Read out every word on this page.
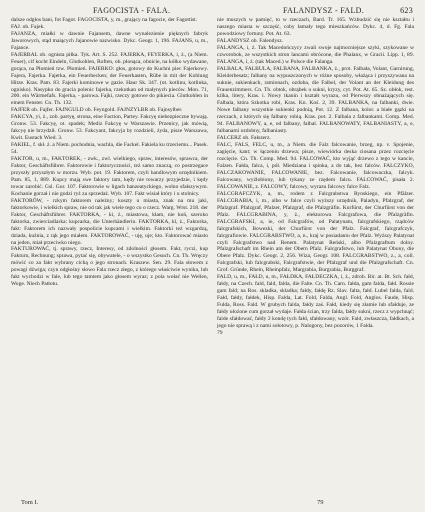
FAGOCISTA - FALA.	FALANDYSZ - FALD.	623

dalsze odgłos bani, fot Fagot. FAGOCISTA, y, m., grający na fagocie, der Fagottist.

FAJ. ob. Fajek.

FAJANZA, miałki w dawnie Fajansem, dawne wynalezienie pięknych fabryk Jaworowych, stąd maiących Jajanowie nazwisko. Dykc. Geogr. 1, 196. FAJANS, u, m., Fajance.

FAJERBAL ob. ognista piłka. Tyk. Art. S. 252. FAJERKA, FEYERKA, i, ż., (a Niem. Feuer), cif kocht Eindeln, Glutkohlen, Roften, ob. płonąca, obnicie, na kółko wydawane, gorąca, na Płomień tzw. Płomień. FAJERKO: głos, gotowy do Kuchni piec Fajerkowy. Fajera, Fajerka. Fajerka, ein Feuerbecken; der Feuerkasten, Rübe in mit der Kohlung Hitze. Kras. Pam. 83. Fajerki kominowe w gazie. Haur Sk. 347. (ot. kotlinu, kotlinka, ognisko). Nasypko do gracia polenic fajerka, rzekutkan od małynych pieców. Mon. 71, 200. ein Wärmefafs. Fajerka, - parowa. Fajki, rzeczy gotowe do pikiecia. Glutkohlen in einem Fenster. Cn. Th. 132.

FAJFER ob. Fajfer. FAJNGULD ob. Feyngold. FAJNZYLBR ob. Fajnsylber.

FAKCYA, yi, ż., zob. partyę, strona, eine Faction, Partey. Fakcyę niebezpieczne bywają. Gronw. 53. Fakcyę, ot. spadek; Mediz Fakcyę w Warszawie. Przenicy, jak mówią, fakcyę nie brzydził. Gronw. 53. Fakcyant, fakcyja by rozdzieli, żyda, pisze Warszawa, Kwit. Eustach Wied. 3.

FAKIEL, f. skł. ż. a Niem. pochodnia, wachla, die Fackel. Fakiela ku trzeciemu... Pasek. 54.

FAKTOR, u, m., FAKTOREK, - zwk., zwl. wielkiego, spraw, interesów, sprawca, der Faktor, Geschäftsführer. Faktorowie i faktoryczności, też samo znaczą, co postrzegace przyszły przyszłym w morzu. Wyb. pot. 19. Faktorem, czyli handlowym urzędnikiem. Pam. 85, 1, 889. Kupcy mają swe faktory tam, kędy nie towarzy przyjedzie, i kędy towar zarobić. Gsl. Gor. 107. Faktorowie w ligach hanzeatyckiego, wolno sfałszywym. Kochanie gorzał i nie godzi ryż za sprzedaż. Wyb. 107. Fakt wisiał który i u stolnicy.

FAKTORÓW, - rzkym faktorem należny; koszty u miasta, znak na mu jaki, faktorkowie, i wielkich spraw, nie od tak jak wiele tego co o rzecz. Warg. Wrst. 218. der Faktor, Geschäftsführer. FAKTORKA, - ki, ż., miastowa, kłam, nie koń, szeroko faktorka, zwierciadlarka: kupcarka, die Unterhändlerin. FAKTORKA, kl, ż., Faktorka, fakt: Faktorem ich nazwały pospolicie kupcami i wielkim. Faktorki też wzgardzą, dziada, kuźnia, z rąk jego miałem. FAKTOROWAĆ, - uję, uje; kto. Faktorować miasto na jeden, miał przeciwko niego.

FAKTUROWAĆ, tj. sprawy, rzecz, Interesy, od zdolności głosem. Fakt, ryczi, kup Fakturn, Rechnung; sprawa, pytać się, obywatele, - o wszystko Gesuch. Cn. Th. Wręczy mówić co za fakt wybrany cichą o jego stronach. Kraszew. Sen. 29. Fala słowem z powagi dźwiga; czyn odgłośny słowo Fala rzecz złego, z którego właściwie wynika, lub fakt wychodzi w fale, lub tego tamtem jako głosem wyraz; z pola wołać nie Wellen, Woge. Niech Patłotu.

nie muszych w pamięć, to w rzeczach, Bard. Tr. 165. Wzbudzić się nie kształtu i naszego miasta w szczęść, coby łamały tego mieszkańców. Dykc. 4, d. Fg. Fala powodziowy fortuny. Pot. At. 63.

FALANDYSZ ob. Falendysz.

FALANGA, i, ż. Tak Macedończycy zwali swoje najmocniejsze szyki, szykowane w czworobok, ze wszystkich stron lancami obrócone, die Phalanx, w Gracii. Lipp. 1, 89. FALANGA, i, ż. (tak Maced.) w Polsce die Falanga.

FALBALA, FALBULA, FALBANA, FALBANKA, ż., prot. Falbała, Volant, Garnirung, Kleiderbesatz; falbany na wypuszczonych w różne sposoby, włażąca i przyszywana na suknie, sukienkach, ramionach, ozdoba, die Falbel, der Volant an der Kleidung des Frauenzimmers. Cn. Th. obtok, obrąbek u sukni, kryzy, cyt. Pot. At. 65. Sz. obłok, rest. kilka, litery, Kras. i. Nowy tkanin i kształt wyrazu, od Pierwszy obnażających się. Falbala, która Szkotka robi, Kras. Kn. Koś. 2, 39. FALBANKA, na falbanki, dwie. Nowe falbany wszystkie sukienki podnią, Pot. 12. Z falbana, kolor. a białe gązki na rzeczach, z których się falbany robią. Kras. pot. 2. Falbala z falbankami. Comp. Med. 94. FALBANOWY, a, e, od falbany, falbal. FALBANOWATY, FALBANIASTY, a, e, falbanami ozdobny, falbaniasty.

FALCERZ ob. Fałszerz.

FALC, FALS, FELC, u, m., a Niem. die Falz falcowanie, brzeg, np. v. Spojenie, zagięcie, kant; w łączeniu drzewa; pisze, wiewiórka deska ciosana przez rozcięcie rozcięcie. Cn. Th. Comp. Med. 94. FALCOWAĆ, kto wyjąć drzewo z tego w kancie, Falzen. Fałda, falca, i, pół. Miedziana i spinka, a do tak, bez falców. FALCZYKO, FALCZAKOWANIE, FALCOWANIE, bez. Falcowanie, falcowaczka, falcyk. Falcowany, wyżłobiony, lub tykany ze rzędem falcu. FALCOWAĆ, pisała 2. FALCOWANIE, z. FALCOWY, falcowy, wyrazu falcowy falce Falz.

FALCGRAFCZYK, a, m., rodem z Falcgrabstwa Rynskiego, ein Pfälzer. FALCGRABIA, i, m., albo w falce czyli wyższy urzędnik, Paladyn, Pfalzgraf, der Pfalzgraf. Pfalzgraf, Pfalzer, Pfalzgraf, die Pfalzgräfin. Kurfürst, der Churfürst von der Pfalz. FALCGRABINA, y, ż., elektorowa Falcgrafowa, die Pfalzgräfin. FALCGRAFSKI, a, ie, od Falcgrafów, od Palatynatu, falcgrafskiego, rządców falcgrafskich, Bowezki, der Churfürst von der Pfalz. Falcgraf, falcgrafczyk, falcgrafiowie. FALCGRABSTWO, a, n., kraj w posiadaniu der Pfalz. Wyższy Palatynat czyli Falcgrafstwo nad Renem. Palatynat Reński, albo Pfalzgraftum dolny. Pfalzgrafschaft im Rhein am der Obern Pfalz. Falcgrafstwo, lub Palatynat Obony, die Obere Pfalz. Dykc. Geogr. 2, 256. Wiza, Geogr. 108. FALCGRABSTWO, z., a, coll. Falcgrafski, lub falcgrabski, Falcgrafstwie, der Pfalzgraf und die Pfalzgrafschaft. Cn. Grof. Gründe, Rhein, Rheinpfalz, Margrabia, Burgrabia, Burggraf.

FALD, u, m., FAŁD, u, m., FAŁDKA, FAŁDECZKA, i, ż., zdrob. Bir. at. Bt. Sch. fałd, fałdy, na Czech. fald, fald, falda, die Falte. Cn. Th. Carn. fałda, gam falda, fałd. Rossie gam fald; na Ros. skladka, skladka; fałdy, fałdę Rz. Slav. falta, fałd. Lubel falda, fald. Fałd, fałdy, fałdek, Hisp. Falda, Lat. Fold, Falda, Angl. Fold, Anglos. Faude, Hisp. Fulda, Ross. Fald. W grubych falda, fałdy zaś. Fałd, kiedy się złamie lub sfałduje, ze fałdy ułożone cum gorzał wydaje. Fałda ścian, trzy falda, fałdy sukni, rzecz z wypchnąć; falde sfałdować, fałdy 2 kondę tych fałd, sfałdowany, wzór. Fald, zwłaszcza, fałdkach, a jego nie sprawą i z nami sołotowy, p. Nalogony, bez pozorów, 1 Falda.

79

Tom I.	79
